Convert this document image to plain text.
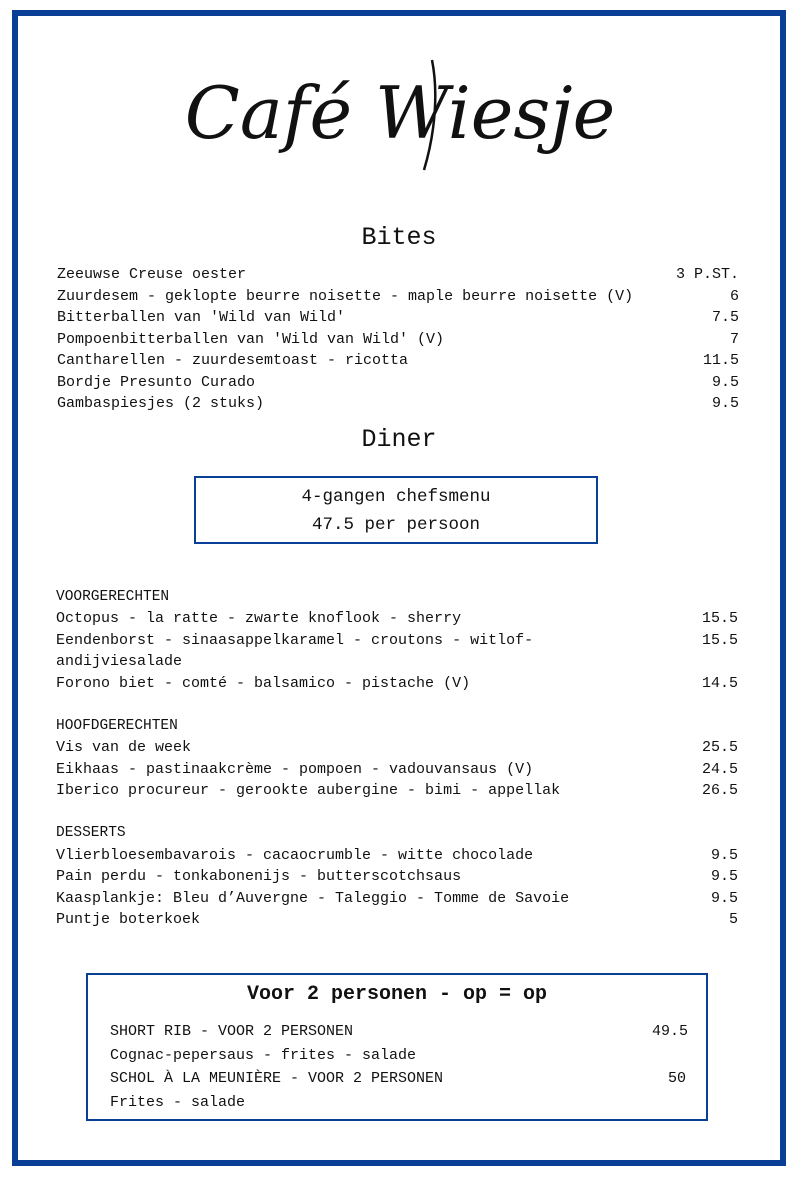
Café Wiesje
Bites
Zeeuwse Creuse oester	3 P.ST.
Zuurdesem - geklopte beurre noisette - maple beurre noisette (V)	6
Bitterballen van 'Wild van Wild'	7.5
Pompoenbitterballen van 'Wild van Wild' (V)	7
Cantharellen - zuurdesemtoast - ricotta	11.5
Bordje Presunto Curado	9.5
Gambaspiesjes (2 stuks)	9.5
Diner
4-gangen chefsmenu
47.5 per persoon
VOORGERECHTEN
Octopus - la ratte - zwarte knoflook - sherry	15.5
Eendenborst - sinaasappelkaramel - croutons - witlof-	15.5
andijviesalade
Forono biet - comté - balsamico - pistache (V)	14.5
HOOFDGERECHTEN
Vis van de week	25.5
Eikhaas - pastinaakcrème - pompoen - vadouvansaus (V)	24.5
Iberico procureur - gerookte aubergine - bimi - appellak	26.5
DESSERTS
Vlierbloesembavarois - cacaocrumble - witte chocolade	9.5
Pain perdu - tonkabonenijs - butterscotchsaus	9.5
Kaasplankje: Bleu d’Auvergne - Taleggio - Tomme de Savoie	9.5
Puntje boterkoek	5
Voor 2 personen - op = op
SHORT RIB - VOOR 2 PERSONEN	49.5
Cognac-pepersaus - frites - salade
SCHOL À LA MEUNIÈRE - VOOR 2 PERSONEN	50
Frites - salade
